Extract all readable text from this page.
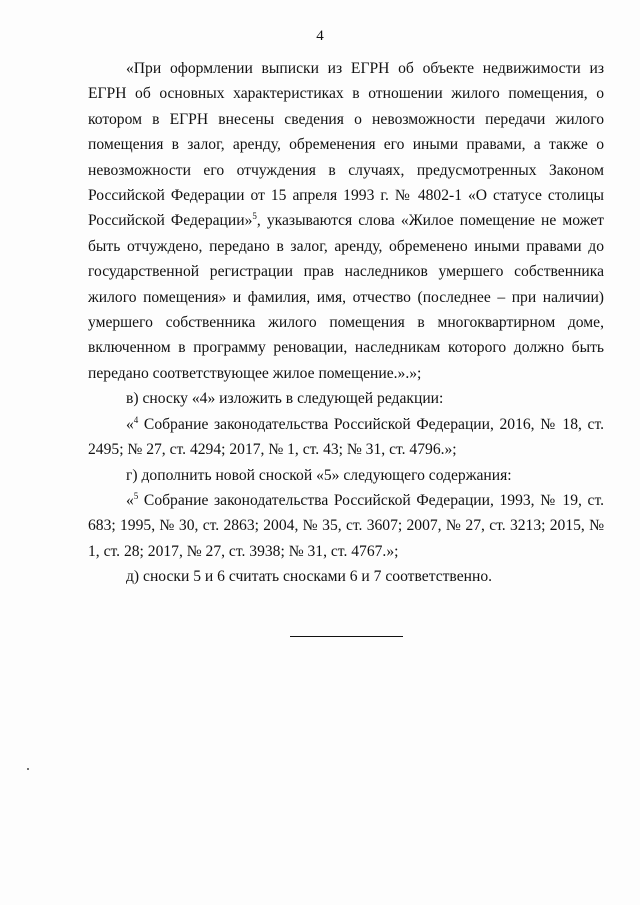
4

«При оформлении выписки из ЕГРН об объекте недвижимости из ЕГРН об основных характеристиках в отношении жилого помещения, о котором в ЕГРН внесены сведения о невозможности передачи жилого помещения в залог, аренду, обременения его иными правами, а также о невозможности его отчуждения в случаях, предусмотренных Законом Российской Федерации от 15 апреля 1993 г. № 4802-1 «О статусе столицы Российской Федерации»$^5$, указываются слова «Жилое помещение не может быть отчуждено, передано в залог, аренду, обременено иными правами до государственной регистрации прав наследников умершего собственника жилого помещения» и фамилия, имя, отчество (последнее – при наличии) умершего собственника жилого помещения в многоквартирном доме, включенном в программу реновации, наследникам которого должно быть передано соответствующее жилое помещение.».»;

в) сноску «4» изложить в следующей редакции:

«$^4$ Собрание законодательства Российской Федерации, 2016, № 18, ст. 2495; № 27, ст. 4294; 2017, № 1, ст. 43; № 31, ст. 4796.»;

г) дополнить новой сноской «5» следующего содержания:

«$^5$ Собрание законодательства Российской Федерации, 1993, № 19, ст. 683; 1995, № 30, ст. 2863; 2004, № 35, ст. 3607; 2007, № 27, ст. 3213; 2015, № 1, ст. 28; 2017, № 27, ст. 3938; № 31, ст. 4767.»;

д) сноски 5 и 6 считать сносками 6 и 7 соответственно.
